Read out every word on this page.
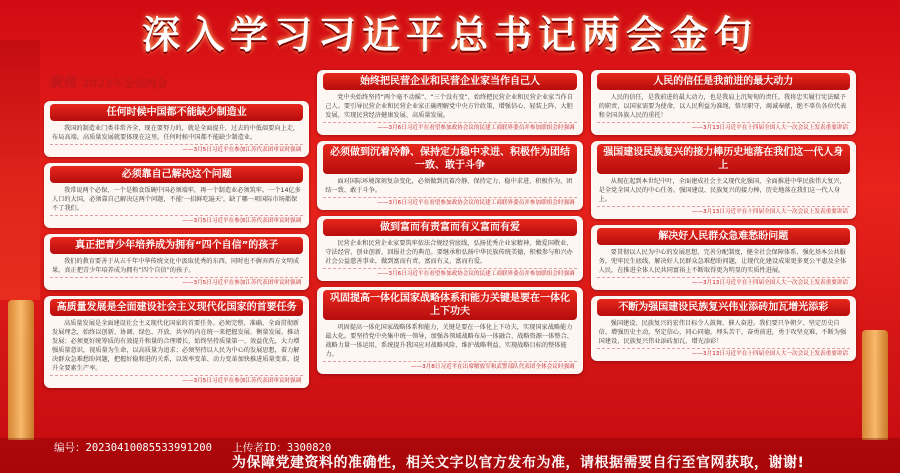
深入学习习近平总书记两会金句
聚焦 2023年全国两会
任何时候中国都不能缺少制造业
我国的制造业门类非常齐全，现在要努力的，就是全面提升，过去的中低端要向上走，布局高端。高质量发展就要体现在这里。任何时候中国都不能缺少制造业。
——3月5日习近平在参加江苏代表团审议时强调
必须靠自己解决这个问题
我常说两个必保，一个是粮食饭碗中国必须端牢，再一个制造业必须筑牢。一个14亿多人口的大国，必须靠自己解决这两个问题，不能‘一招鲜吃遍天’，缺了哪一项国际市场都保不了我们。
——3月5日习近平在参加江苏代表团审议时强调
真正把青少年培养成为拥有“四个自信”的孩子
我们的教育要善于从五千年中华传统文化中汲取优秀的东西，同时也不摒弃西方文明成果，真正把青少年培养成为拥有“四个自信”的孩子。
——3月5日习近平在参加江苏代表团审议时强调
高质量发展是全面建设社会主义现代化国家的首要任务
高质量发展是全面建设社会主义现代化国家的首要任务。必须完整、准确、全面贯彻新发展理念，始终以创新、协调、绿色、开放、共享的内在统一来把握发展、衡量发展、推动发展；必须更好统筹质的有效提升和量的合理增长，始终坚持质量第一、效益优先，大力增强质量意识，视质量为生命，以高质量为追求；必须坚持以人民为中心的发展思想，着力解决群众急难愁盼问题，把握好稳和进的关系，以效率变革、动力变革加快推进质量变革，提升全要素生产率。
——3月5日习近平在参加江苏代表团审议时强调
始终把民营企业和民营企业家当作自己人
党中央始终坚持“两个毫不动摇”、“三个没有变”，始终把民营企业和民营企业家当作自己人。要引导民营企业和民营企业家正确理解党中央方针政策，增强信心、轻装上阵、大胆发展，实现民营经济健康发展、高质量发展。
——3月6日习近平在看望参加政协会议的民建工商联界委员并参加联组会时强调
必须做到沉着冷静、保持定力稳中求进、积极作为团结一致、敢于斗争
面对国际环境深刻复杂变化，必须做到沉着冷静、保持定力，稳中求进、积极作为，团结一致、敢于斗争。
——3月6日习近平在看望参加政协会议的民建工商联界委员并参加联组会时强调
做到富而有责富而有义富而有爱
民营企业和民营企业家要筑牢依法合规经营底线，弘扬优秀企业家精神，做爱国敬业、守法经营、创业创新、回报社会的典范。要继承和弘扬中华民族传统美德，积极参与和兴办社会公益慈善事业，做到富而有责、富而有义、富而有爱。
——3月6日习近平在看望参加政协会议的民建工商联界委员并参加联组会时强调
巩固提高一体化国家战略体系和能力关键是要在一体化上下功夫
巩固提高一体化国家战略体系和能力，关键是要在一体化上下功夫，实现国家战略能力最大化。要坚持党中央集中统一领导，加强各领域战略布局一体融合、战略资源一体整合、战略力量一体运用，系统提升我国应对战略风险、维护战略利益、实现战略目标的整体能力。
——3月8日习近平在出席解放军和武警部队代表团全体会议时强调
人民的信任是我前进的最大动力
人民的信任，是我前进的最大动力，也是我肩上沉甸甸的责任。我将忠实履行宪法赋予的职责，以国家需要为使命，以人民利益为准绳，恪尽职守，竭诚奉献，绝不辜负各位代表和全国各族人民的重托！
——3月13日习近平在十四届全国人大一次会议上发表重要讲话
强国建设民族复兴的接力棒历史地落在我们这一代人身上
从现在起到本世纪中叶，全面建成社会主义现代化强国、全面推进中华民族伟大复兴，是全党全国人民的中心任务。强国建设、民族复兴的接力棒，历史地落在我们这一代人身上。
——3月13日习近平在十四届全国人大一次会议上发表重要讲话
解决好人民群众急难愁盼问题
要贯彻以人民为中心的发展思想，完善分配制度，健全社会保障体系，强化基本公共服务，兜牢民生底线，解决好人民群众急难愁盼问题，让现代化建设成果更多更公平惠及全体人民，在推进全体人民共同富裕上不断取得更为明显的实质性进展。
——3月13日习近平在十四届全国人大一次会议上发表重要讲话
不断为强国建设民族复兴伟业添砖加瓦增光添彩
强国建设、民族复兴的宏伟目标令人鼓舞、催人奋进。我们要只争朝夕、坚定历史自信、增强历史主动，坚定信心，同心同德，埋头苦干，奋勇前进，勇于攻坚克难，不断为强国建设、民族复兴伟业添砖加瓦、增光添彩！
——3月13日习近平在十四届全国人大一次会议上发表重要讲话
编号：20230410085533991200 上传者ID：3300820
为保障党建资料的准确性，相关文字以官方发布为准，请根据需要自行至官网获取，谢谢!
